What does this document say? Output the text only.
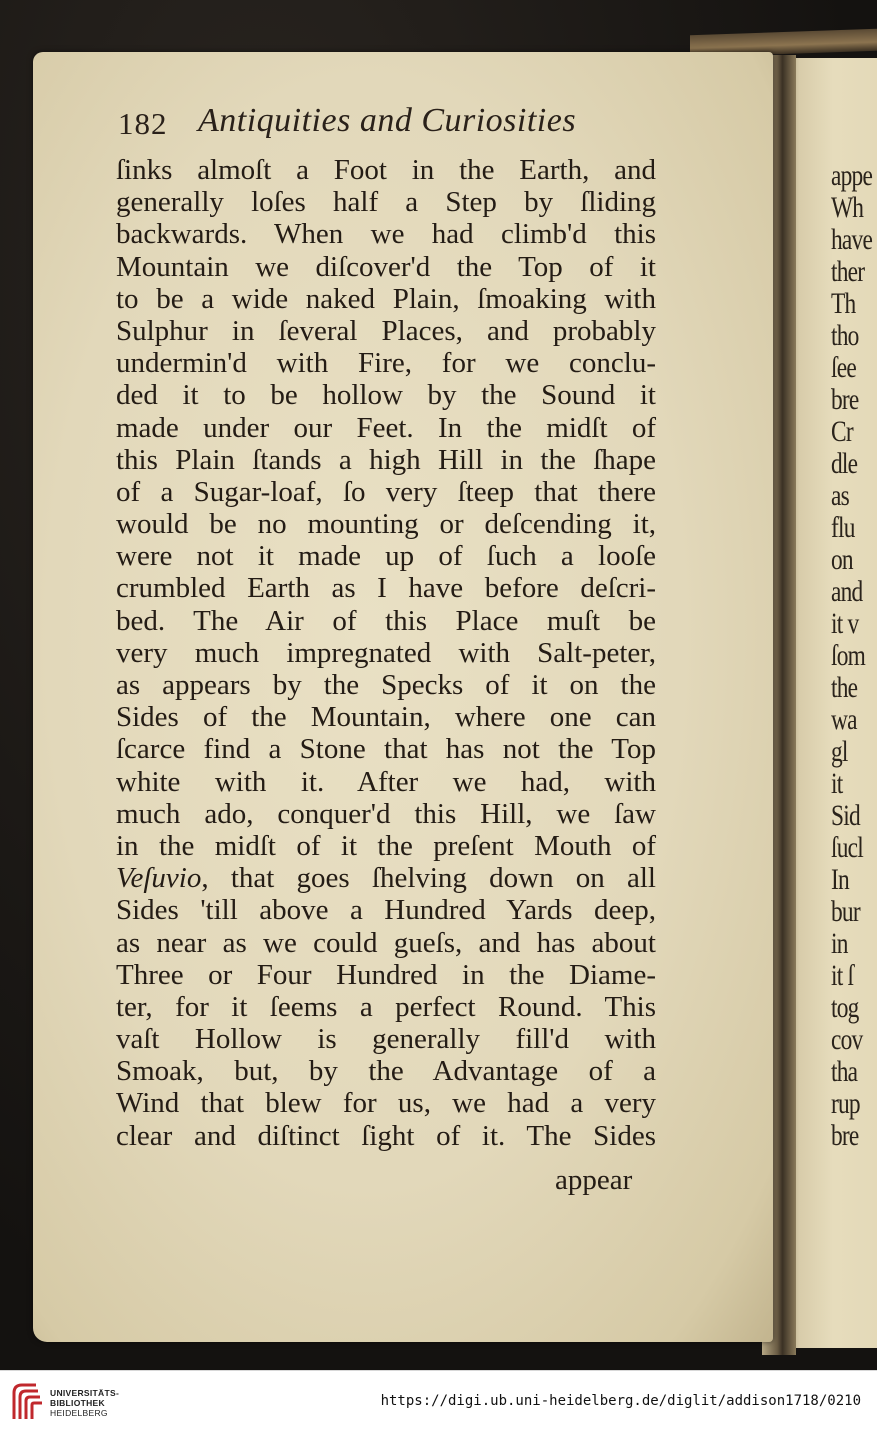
appe
Wh
have
ther
Th
tho
ſee
bre
Cr
dle
as
flu
on
and
it v
ſom
the
wa
gl
it
Sid
ſucl
In
bur
in
it ſ
tog
cov
tha
rup
bre
182 Antiquities and Curiosities
ſinks almoſt a Foot in the Earth, and
generally loſes half a Step by ſliding
backwards. When we had climb'd this
Mountain we diſcover'd the Top of it
to be a wide naked Plain, ſmoaking with
Sulphur in ſeveral Places, and probably
undermin'd with Fire, for we conclu-
ded it to be hollow by the Sound it
made under our Feet. In the midſt of
this Plain ſtands a high Hill in the ſhape
of a Sugar-loaf, ſo very ſteep that there
would be no mounting or deſcending it,
were not it made up of ſuch a looſe
crumbled Earth as I have before deſcri-
bed. The Air of this Place muſt be
very much impregnated with Salt-peter,
as appears by the Specks of it on the
Sides of the Mountain, where one can
ſcarce find a Stone that has not the Top
white with it. After we had, with
much ado, conquer'd this Hill, we ſaw
in the midſt of it the preſent Mouth of
Veſuvio, that goes ſhelving down on all
Sides 'till above a Hundred Yards deep,
as near as we could gueſs, and has about
Three or Four Hundred in the Diame-
ter, for it ſeems a perfect Round. This
vaſt Hollow is generally fill'd with
Smoak, but, by the Advantage of a
Wind that blew for us, we had a very
clear and diſtinct ſight of it. The Sides
appear
UNIVERSITÄTS-
BIBLIOTHEK
HEIDELBERG
https://digi.ub.uni-heidelberg.de/diglit/addison1718/0210
